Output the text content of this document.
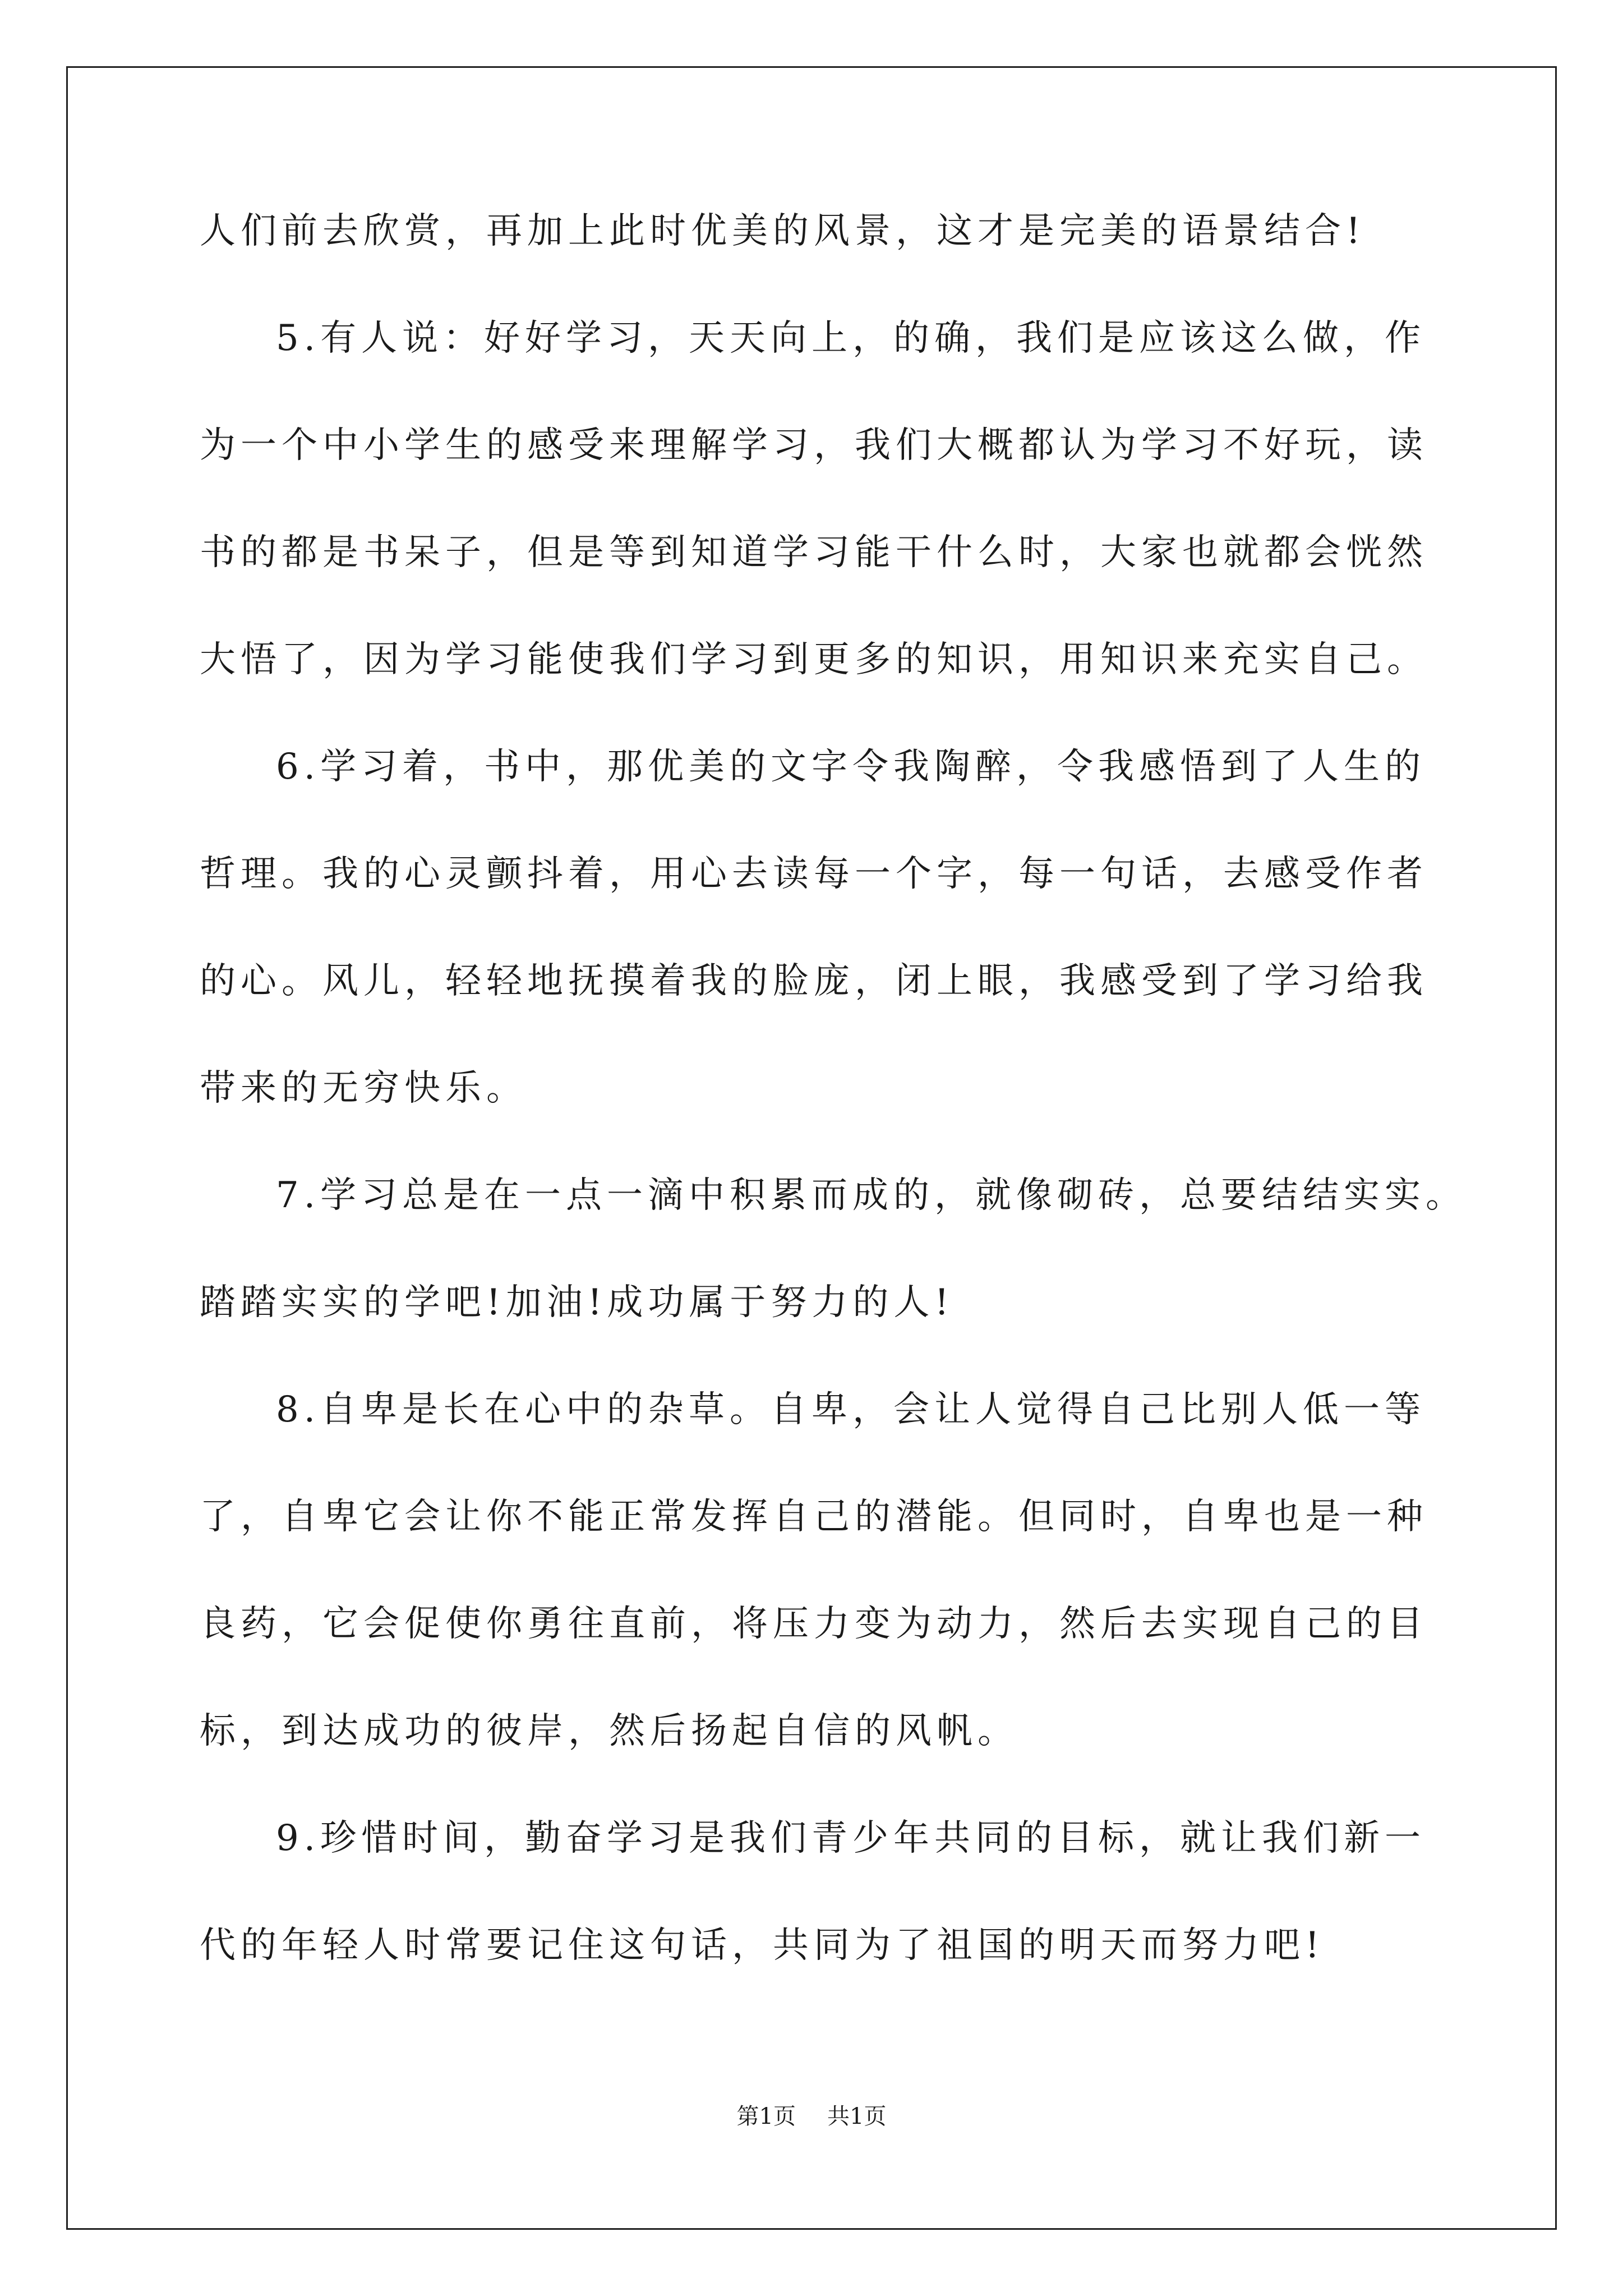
人们前去欣赏，再加上此时优美的风景，这才是完美的语景结合!
5.有人说：好好学习，天天向上，的确，我们是应该这么做，作
为一个中小学生的感受来理解学习，我们大概都认为学习不好玩，读
书的都是书呆子，但是等到知道学习能干什么时，大家也就都会恍然
大悟了，因为学习能使我们学习到更多的知识，用知识来充实自己。
6.学习着，书中，那优美的文字令我陶醉，令我感悟到了人生的
哲理。我的心灵颤抖着，用心去读每一个字，每一句话，去感受作者
的心。风儿，轻轻地抚摸着我的脸庞，闭上眼，我感受到了学习给我
带来的无穷快乐。
7.学习总是在一点一滴中积累而成的，就像砌砖，总要结结实实。
踏踏实实的学吧!加油!成功属于努力的人!
8.自卑是长在心中的杂草。自卑，会让人觉得自己比别人低一等
了，自卑它会让你不能正常发挥自己的潜能。但同时，自卑也是一种
良药，它会促使你勇往直前，将压力变为动力，然后去实现自己的目
标，到达成功的彼岸，然后扬起自信的风帆。
9.珍惜时间，勤奋学习是我们青少年共同的目标，就让我们新一
代的年轻人时常要记住这句话，共同为了祖国的明天而努力吧!
第1页 共1页
